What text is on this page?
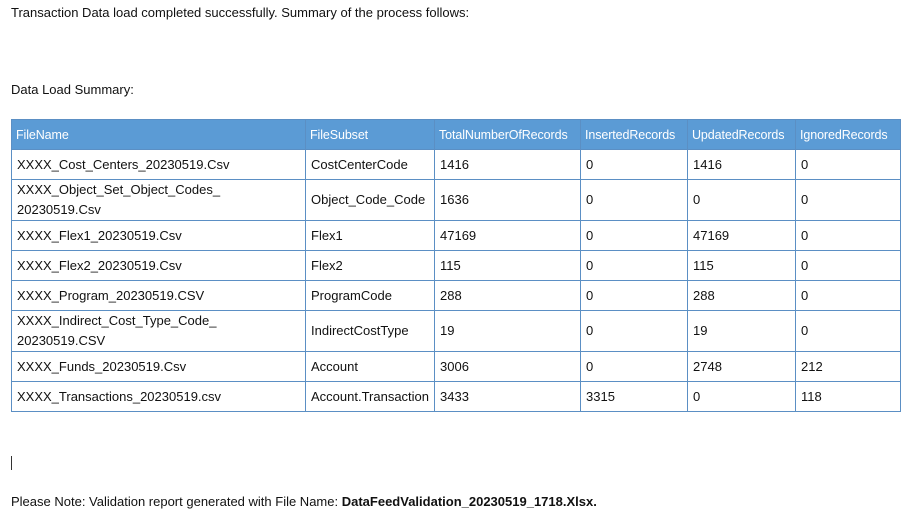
Transaction Data load completed successfully. Summary of the process follows:
Data Load Summary:
FileName	FileSubset	TotalNumberOfRecords	InsertedRecords	UpdatedRecords	IgnoredRecords
XXXX_Cost_Centers_20230519.Csv	CostCenterCode	1416	0	1416	0
XXXX_Object_Set_Object_Codes_ 20230519.Csv	Object_Code_Code	1636	0	0	0
XXXX_Flex1_20230519.Csv	Flex1	47169	0	47169	0
XXXX_Flex2_20230519.Csv	Flex2	115	0	115	0
XXXX_Program_20230519.CSV	ProgramCode	288	0	288	0
XXXX_Indirect_Cost_Type_Code_ 20230519.CSV	IndirectCostType	19	0	19	0
XXXX_Funds_20230519.Csv	Account	3006	0	2748	212
XXXX_Transactions_20230519.csv	Account.Transaction	3433	3315	0	118
Please Note: Validation report generated with File Name: DataFeedValidation_20230519_1718.Xlsx.
